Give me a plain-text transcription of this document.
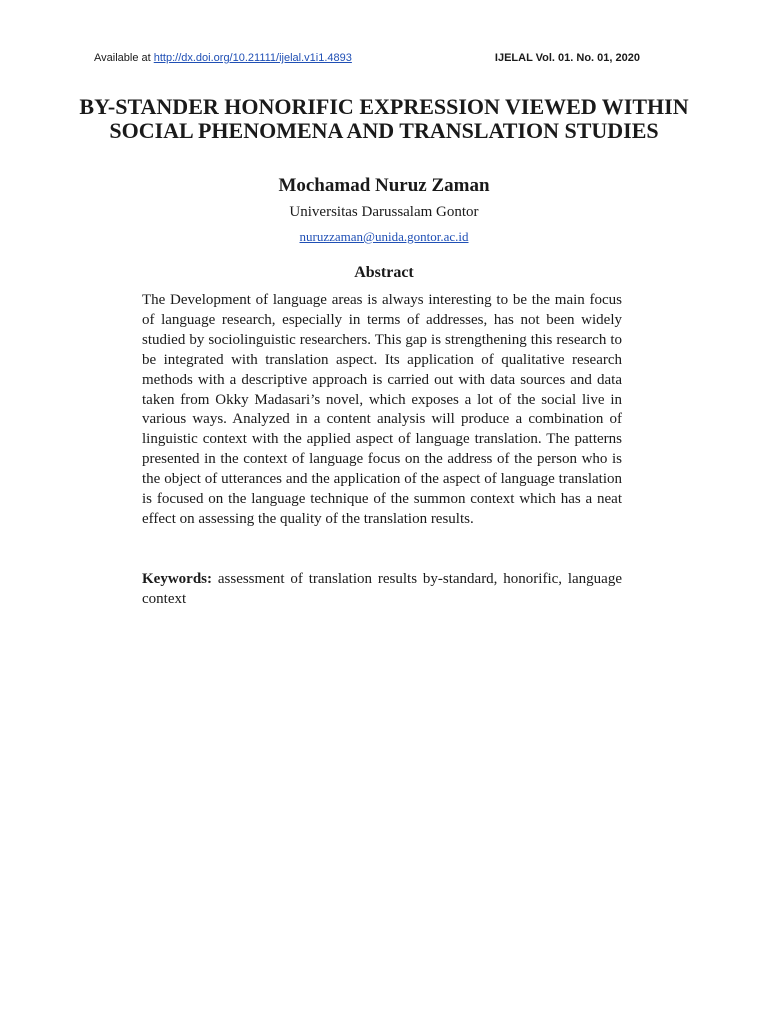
Available at http://dx.doi.org/10.21111/ijelal.v1i1.4893	IJELAL Vol. 01. No. 01, 2020
BY-STANDER HONORIFIC EXPRESSION VIEWED WITHIN SOCIAL PHENOMENA AND TRANSLATION STUDIES
Mochamad Nuruz Zaman
Universitas Darussalam Gontor
nuruzzaman@unida.gontor.ac.id
Abstract

The Development of language areas is always interesting to be the main focus of language research, especially in terms of addresses, has not been widely studied by sociolinguistic researchers. This gap is strengthening this research to be integrated with translation aspect. Its application of qualitative research methods with a descriptive approach is carried out with data sources and data taken from Okky Madasari’s novel, which exposes a lot of the social live in various ways. Analyzed in a content analysis will produce a combination of linguistic context with the applied aspect of language translation. The patterns presented in the context of language focus on the address of the person who is the object of utterances and the application of the aspect of language translation is focused on the language technique of the summon context which has a neat effect on assessing the quality of the translation results.

Keywords: assessment of translation results by-standard, honorific, language context
